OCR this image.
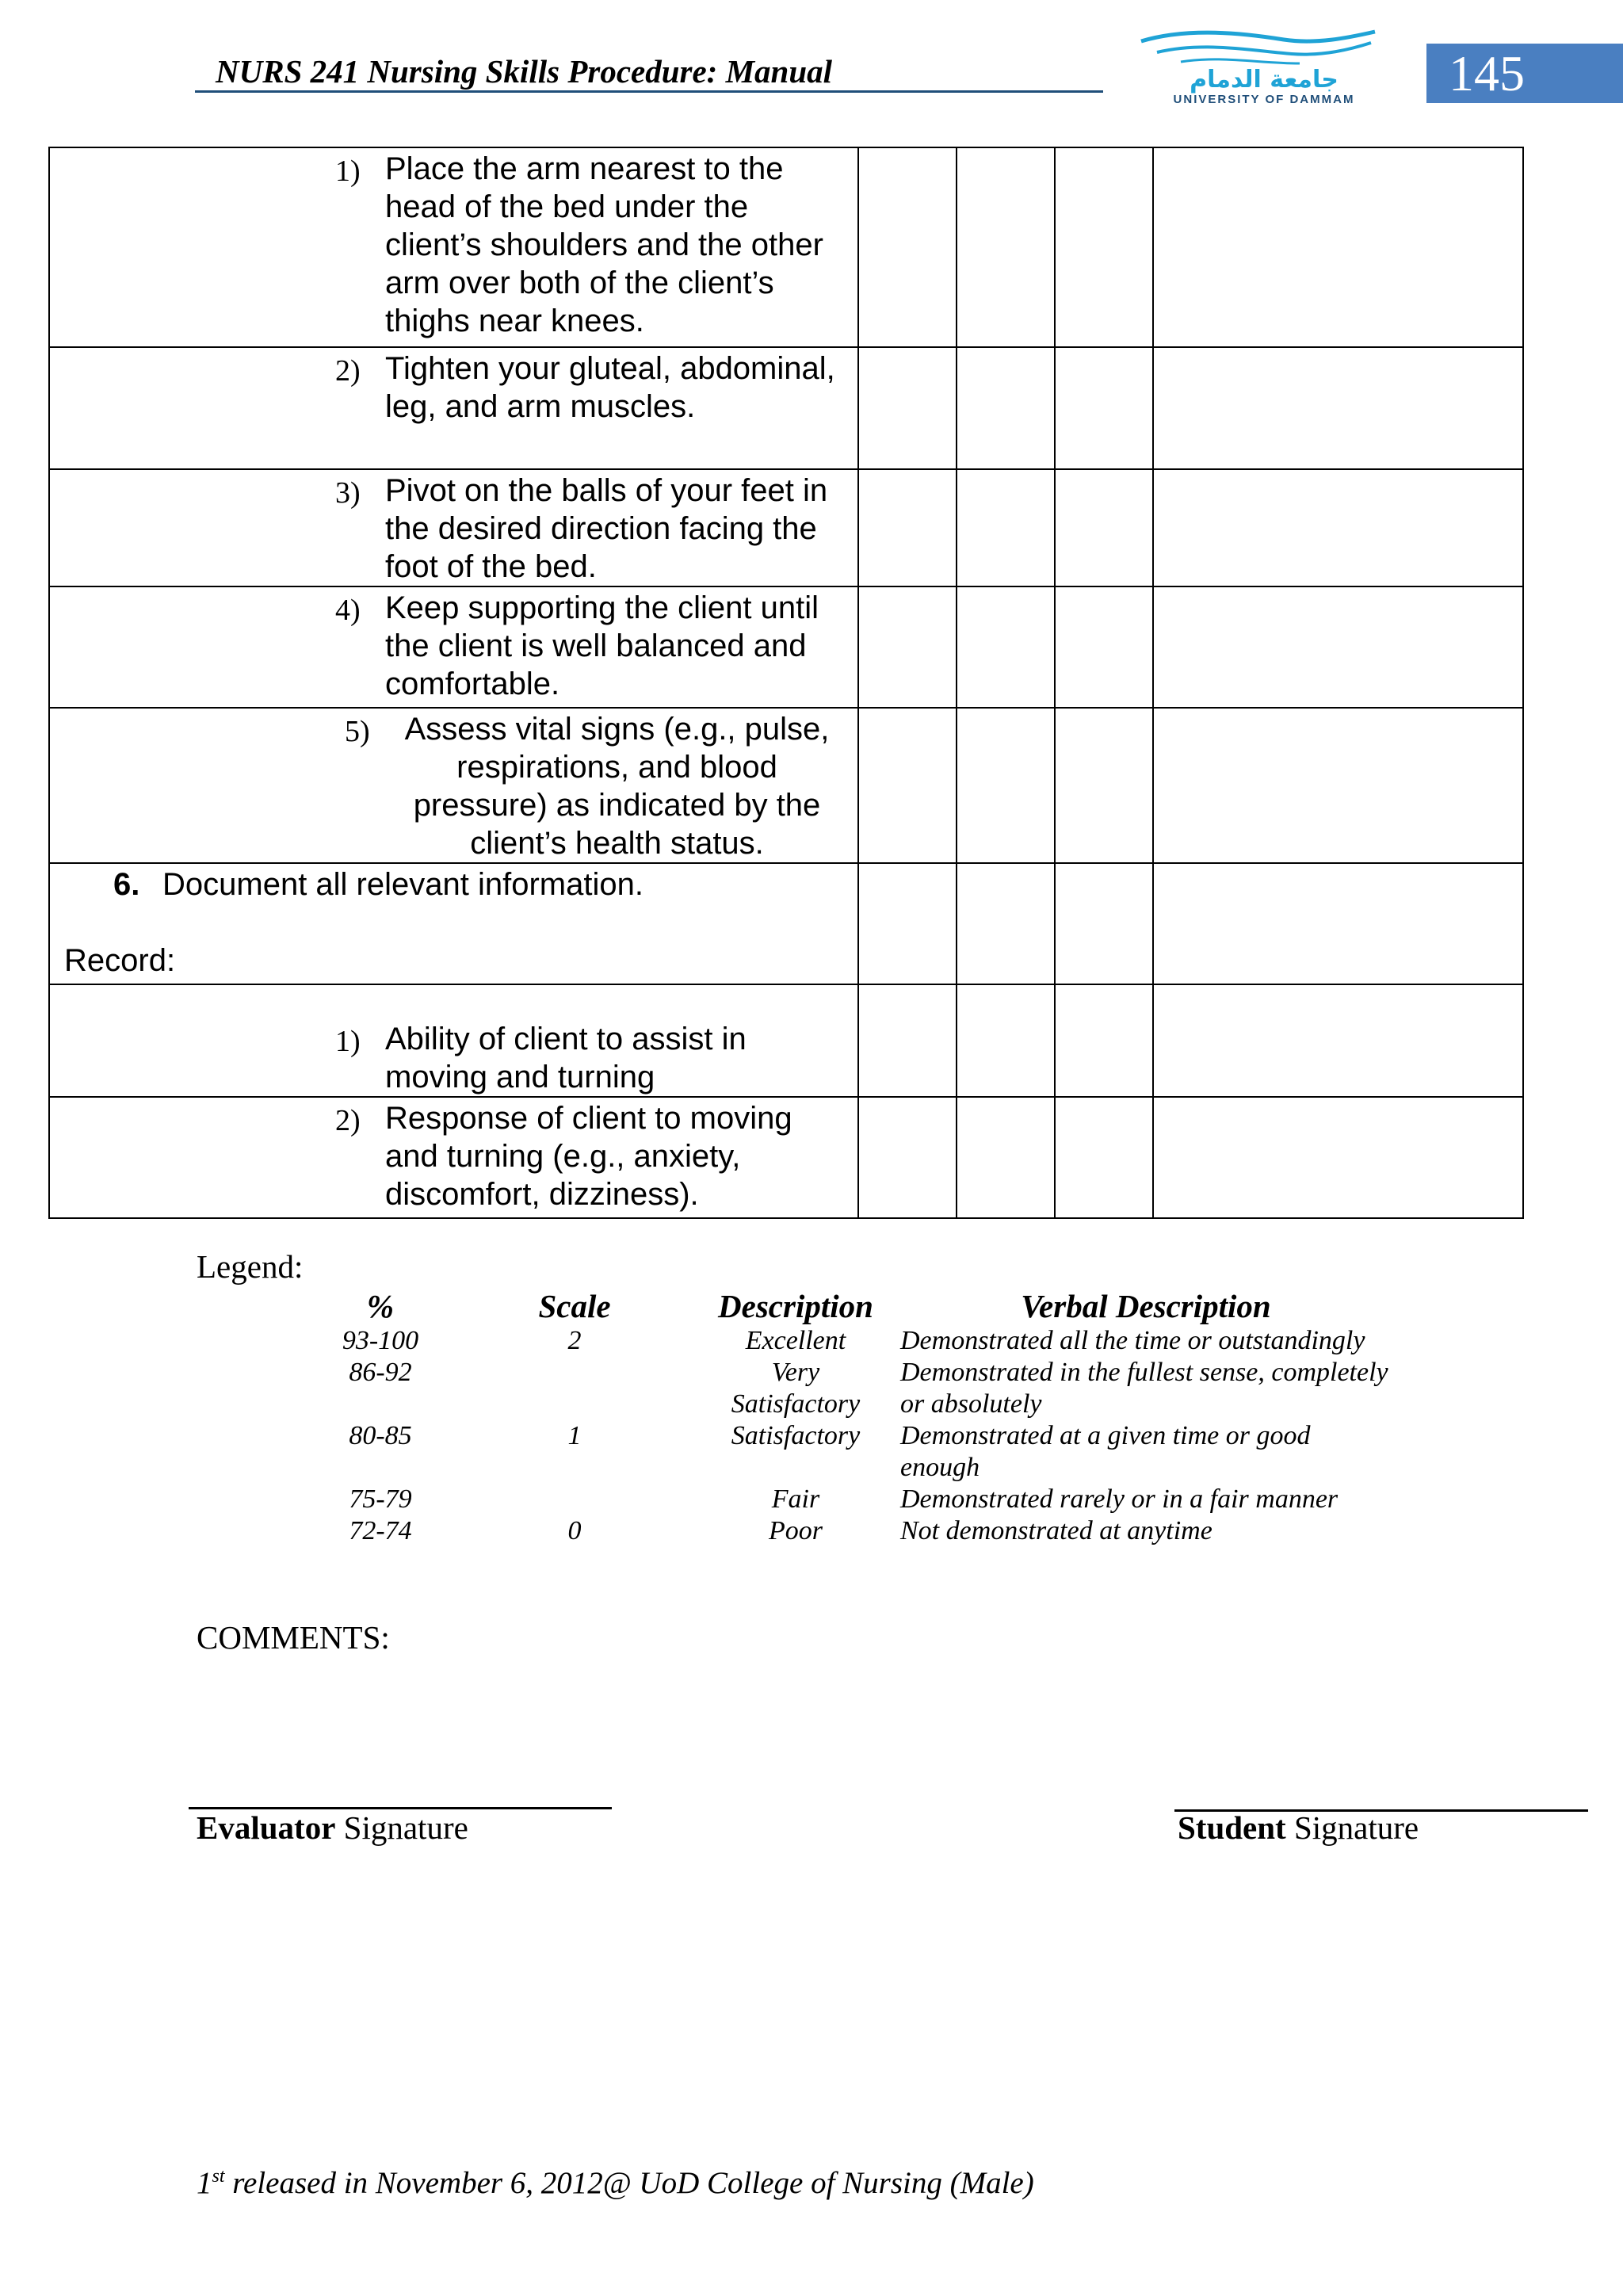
NURS 241 Nursing Skills Procedure: Manual	جامعة الدمام
UNIVERSITY OF DAMMAM	145
1) Place the arm nearest to the head of the bed under the client’s shoulders and the other arm over both of the client’s thighs near knees.				

2) Tighten your gluteal, abdominal, leg, and arm muscles.				

3) Pivot on the balls of your feet in the desired direction facing the foot of the bed.				

4) Keep supporting the client until the client is well balanced and comfortable.				

5) Assess vital signs (e.g., pulse, respirations, and blood pressure) as indicated by the client’s health status.				

6. Document all relevant information.
Record:				

1) Ability of client to assist in moving and turning				

2) Response of client to moving and turning (e.g., anxiety, discomfort, dizziness).				

Legend:
%	Scale	Description	Verbal Description
93-100	2	Excellent	Demonstrated all the time or outstandingly
86-92		Very Satisfactory	Demonstrated in the fullest sense, completely or absolutely
80-85	1	Satisfactory	Demonstrated at a given time or good enough
75-79		Fair	Demonstrated rarely or in a fair manner
72-74	0	Poor	Not demonstrated at anytime
COMMENTS:
Evaluator Signature	Student Signature
1st released in November 6, 2012@ UoD College of Nursing (Male)
